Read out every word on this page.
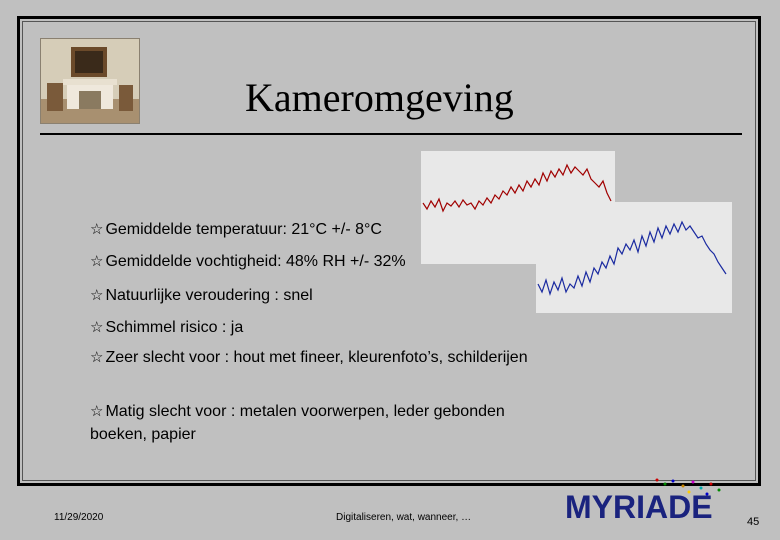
Kameromgeving

☆ Gemiddelde temperatuur: 21°C +/- 8°C

☆ Gemiddelde vochtigheid: 48% RH +/- 32%

☆ Natuurlijke veroudering : snel

☆ Schimmel risico : ja

☆ Zeer slecht voor : hout met fineer, kleurenfoto’s, schilderijen

☆ Matig slecht voor : metalen voorwerpen, leder gebonden boeken, papier

11/29/2020	Digitaliseren, wat, wanneer, …	45
MYRIADE
